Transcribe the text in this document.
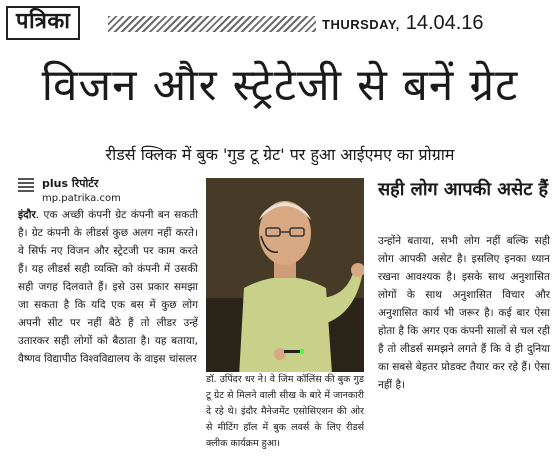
पत्रिका	THURSDAY, 14.04.16
विजन और स्ट्रेटेजी से बनें ग्रेट
रीडर्स क्लिक में बुक 'गुड टू ग्रेट' पर हुआ आईएमए का प्रोग्राम
plus रिपोर्टर
mp.patrika.com

इंदौर. एक अच्छी कंपनी ग्रेट कंपनी बन सकती है। ग्रेट कंपनी के लीडर्स कुछ अलग नहीं करते। वे सिर्फ नए विजन और स्ट्रेटजी पर काम करते हैं। यह लीडर्स सही व्यक्ति को कंपनी में उसकी सही जगह दिलवाते हैं। इसे उस प्रकार समझा जा सकता है कि यदि एक बस में कुछ लोग अपनी सीट पर नहीं बैठे हैं तो लीडर उन्हें उतारकर सही लोगों को बैठाता है। यह बताया, वैष्णव विद्यापीठ विश्वविद्यालय के वाइस चांसलर

डॉ. उपिंदर धर ने। वे जिम कॉलिंस की बुक गुड टू ग्रेट से मिलने वाली सीख के बारे में जानकारी दे रहे थे। इंदौर मैनेजमेंट एसोसिएशन की ओर से मीटिंग हॉल में बुक लवर्स के लिए रीडर्स क्लीक कार्यक्रम हुआ।
सही लोग आपकी असेट हैं

उन्होंने बताया, सभी लोग नहीं बल्कि सही लोग आपकी असेट है। इसलिए इनका ध्यान रखना आवश्यक है। इसके साथ अनुशासित लोगों के साथ अनुशासित विचार और अनुशासित कार्य भी जरूर है। कई बार ऐसा होता है कि अगर एक कंपनी सालों से चल रही है तो लीडर्स समझने लगते हैं कि वे ही दुनिया का सबसे बेहतर प्रोडक्ट तैयार कर रहे हैं। ऐसा नहीं है।
